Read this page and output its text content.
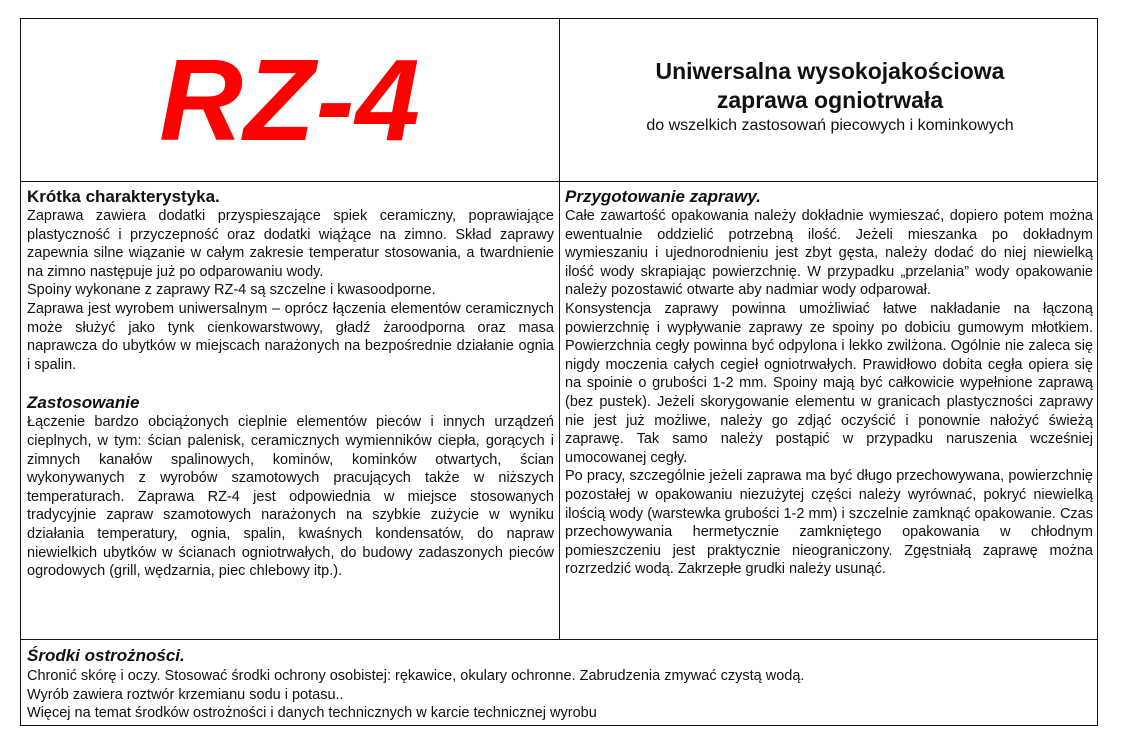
RZ-4	Uniwersalna wysokojakościowa
zaprawa ogniotrwała
do wszelkich zastosowań piecowych i kominkowych
Krótka charakterystyka.

Zaprawa zawiera dodatki przyspieszające spiek ceramiczny, poprawiające plastyczność i przyczepność oraz dodatki wiążące na zimno. Skład zaprawy zapewnia silne wiązanie w całym zakresie temperatur stosowania, a twardnienie na zimno następuje już po odparowaniu wody.

Spoiny wykonane z zaprawy RZ-4 są szczelne i kwasoodporne.

Zaprawa jest wyrobem uniwersalnym – oprócz łączenia elementów ceramicznych może służyć jako tynk cienkowarstwowy, gładź żaroodporna oraz masa naprawcza do ubytków w miejscach narażonych na bezpośrednie działanie ognia i spalin.

Zastosowanie

Łączenie bardzo obciążonych cieplnie elementów pieców i innych urządzeń cieplnych, w tym: ścian palenisk, ceramicznych wymienników ciepła, gorących i zimnych kanałów spalinowych, kominów, kominków otwartych, ścian wykonywanych z wyrobów szamotowych pracujących także w niższych temperaturach. Zaprawa RZ-4 jest odpowiednia w miejsce stosowanych tradycyjnie zapraw szamotowych narażonych na szybkie zużycie w wyniku działania temperatury, ognia, spalin, kwaśnych kondensatów, do napraw niewielkich ubytków w ścianach ogniotrwałych, do budowy zadaszonych pieców ogrodowych (grill, wędzarnia, piec chlebowy itp.).

Przygotowanie zaprawy.

Całe zawartość opakowania należy dokładnie wymieszać, dopiero potem można ewentualnie oddzielić potrzebną ilość. Jeżeli mieszanka po dokładnym wymieszaniu i ujednorodnieniu jest zbyt gęsta, należy dodać do niej niewielką ilość wody skrapiając powierzchnię. W przypadku „przelania” wody opakowanie należy pozostawić otwarte aby nadmiar wody odparował.

Konsystencja zaprawy powinna umożliwiać łatwe nakładanie na łączoną powierzchnię i wypływanie zaprawy ze spoiny po dobiciu gumowym młotkiem. Powierzchnia cegły powinna być odpylona i lekko zwilżona. Ogólnie nie zaleca się nigdy moczenia całych cegieł ogniotrwałych. Prawidłowo dobita cegła opiera się na spoinie o grubości 1-2 mm. Spoiny mają być całkowicie wypełnione zaprawą (bez pustek). Jeżeli skorygowanie elementu w granicach plastyczności zaprawy nie jest już możliwe, należy go zdjąć oczyścić i ponownie nałożyć świeżą zaprawę. Tak samo należy postąpić w przypadku naruszenia wcześniej umocowanej cegły.

Po pracy, szczególnie jeżeli zaprawa ma być długo przechowywana, powierzchnię pozostałej w opakowaniu niezużytej części należy wyrównać, pokryć niewielką ilością wody (warstewka grubości 1-2 mm) i szczelnie zamknąć opakowanie. Czas przechowywania hermetycznie zamkniętego opakowania w chłodnym pomieszczeniu jest praktycznie nieograniczony. Zgęstniałą zaprawę można rozrzedzić wodą. Zakrzepłe grudki należy usunąć.

Środki ostrożności.

Chronić skórę i oczy. Stosować środki ochrony osobistej: rękawice, okulary ochronne. Zabrudzenia zmywać czystą wodą.

Wyrób zawiera roztwór krzemianu sodu i potasu..

Więcej na temat środków ostrożności i danych technicznych w karcie technicznej wyrobu
